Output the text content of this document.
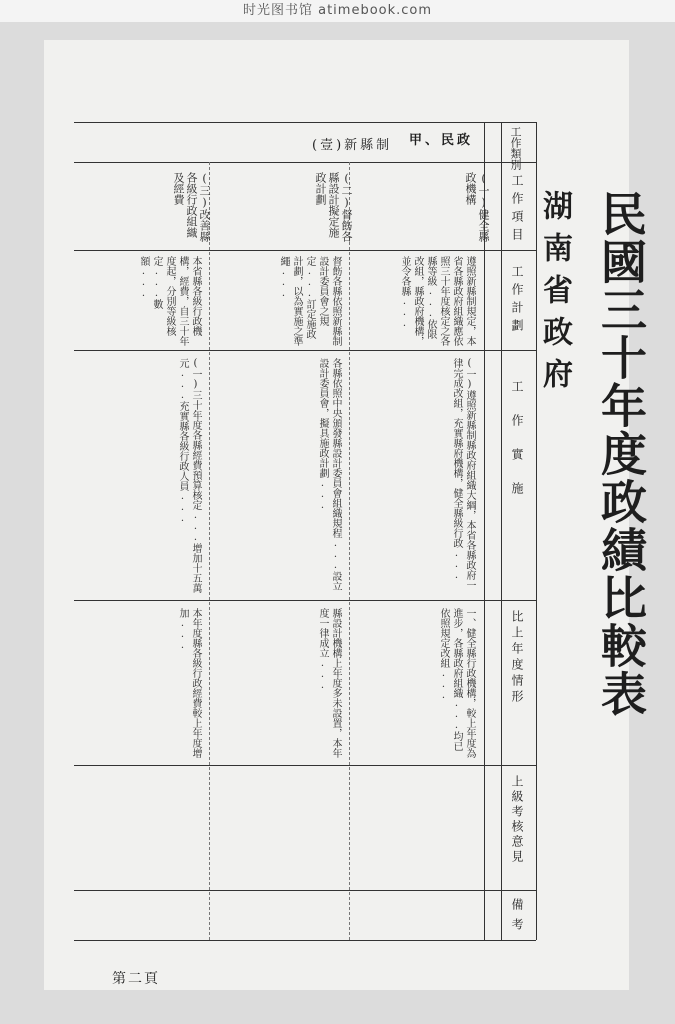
时光图书馆 atimebook.com
民國三十年度政績比較表
湖南省政府
工作類別
工作項目
工作計劃
工作實施
比上年度情形
上級考核意見
備考
甲、民政
(壹)新縣制
(一)健全縣政機構
(二)督飭各縣設計擬定施政計劃
(三)改善縣各級行政組織及經費
遵照新縣制規定，本省各縣政府組織應依照三十年度核定之各縣等級...依限改組，縣政府機構，並令各縣...
督飭各縣依照新縣制設計委員會之規定...訂定施政計劃，以為實施之準繩...
本省縣各級行政機構，經費，自三十年度起，分別等級核定...數額...
(一)遵照新縣制縣政府組織大綱，本省各縣政府一律完成改組，充實縣府機構，健全縣級行政...
各縣依照中央頒發縣設計委員會組織規程...設立設計委員會，擬具施政計劃...
(一)三十年度各縣經費預算核定...增加十五萬元...充實縣各級行政人員...
一、健全縣行政機構，較上年度為進步，各縣政府組織...均已依照規定改組...
縣設計機構上年度多未設置，本年度一律成立...
本年度縣各級行政經費較上年度增加...
第二頁
